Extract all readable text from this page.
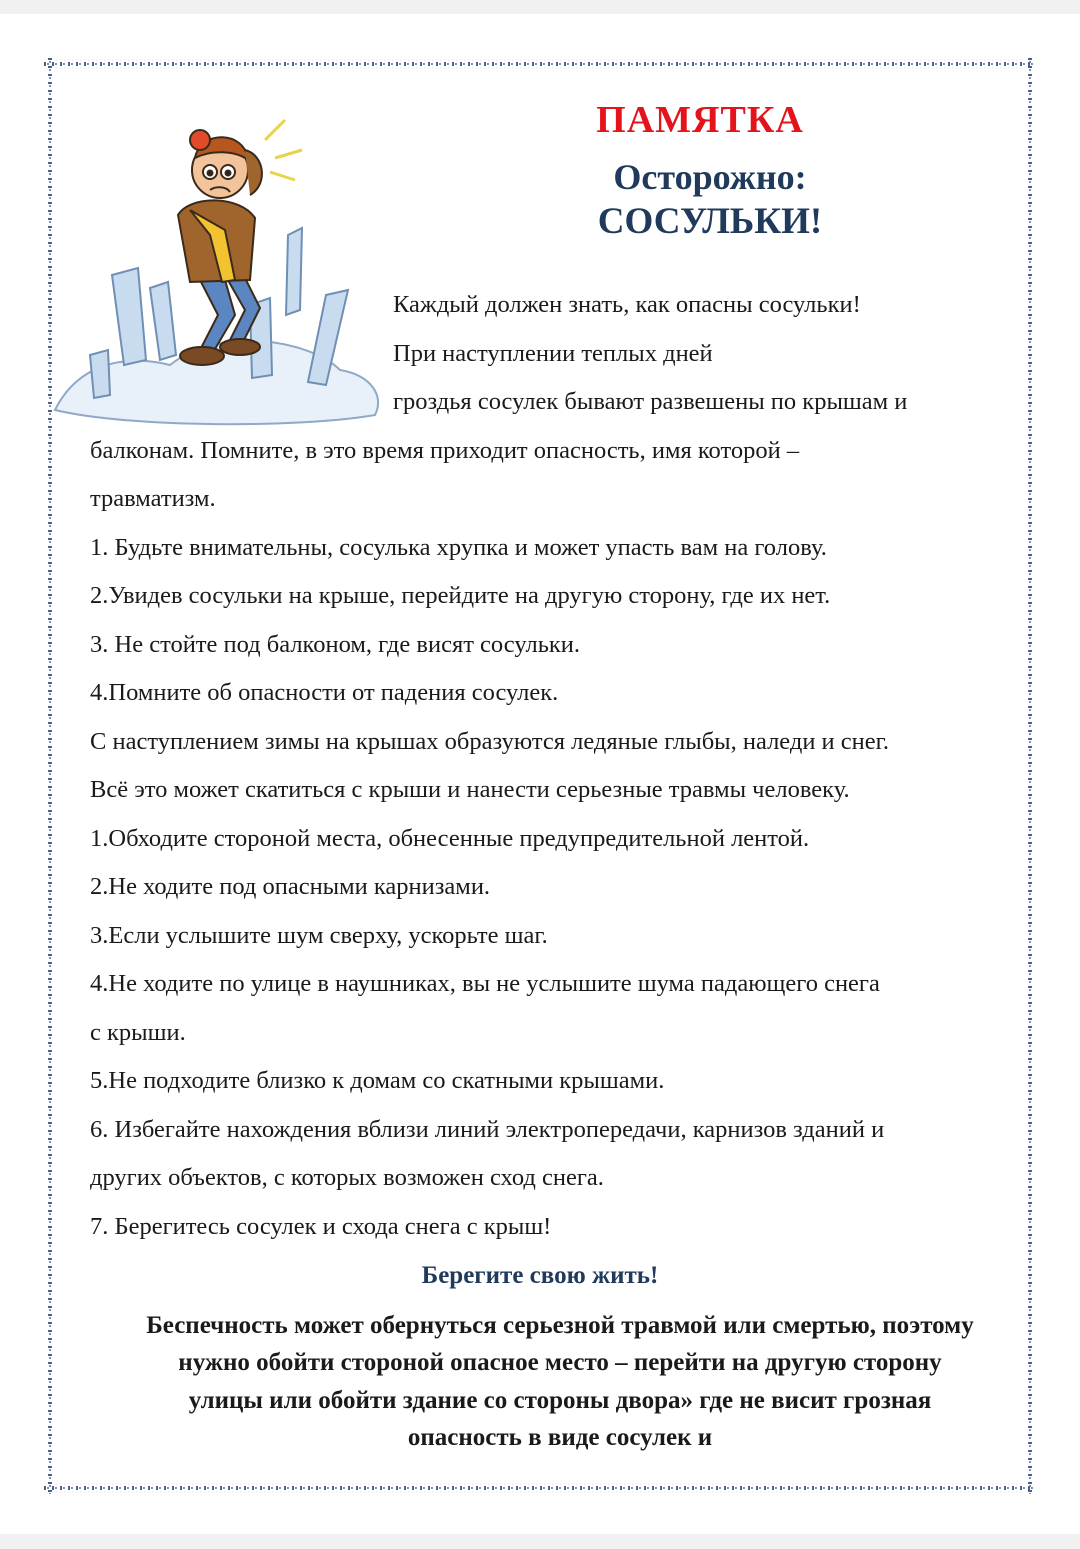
ПАМЯТКА
Осторожно:
СОСУЛЬКИ!
Каждый должен знать, как опасны сосульки!
При наступлении теплых дней
гроздья сосулек бывают развешены по крышам и
балконам. Помните, в это время приходит опасность, имя которой –
травматизм.
1. Будьте внимательны, сосулька хрупка и может упасть вам на голову.
2.Увидев сосульки на крыше, перейдите на другую сторону, где их нет.
3. Не стойте под балконом, где висят сосульки.
4.Помните об опасности от падения сосулек.
С наступлением зимы на крышах образуются ледяные глыбы, наледи и снег.
Всё это может скатиться с крыши и нанести серьезные травмы человеку.
1.Обходите стороной места, обнесенные предупредительной лентой.
2.Не ходите под опасными карнизами.
3.Если услышите шум сверху, ускорьте шаг.
4.Не ходите по улице в наушниках, вы не услышите шума падающего снега
с крыши.
5.Не подходите близко к домам со скатными крышами.
6. Избегайте нахождения вблизи линий электропередачи, карнизов зданий и
других объектов, с которых возможен сход снега.
7. Берегитесь сосулек и схода снега с крыш!
Берегите свою жить!
Беспечность может обернуться серьезной травмой или смертью, поэтому
нужно обойти стороной опасное место – перейти на другую сторону
улицы или обойти здание со стороны двора» где не висит грозная
опасность в виде сосулек и
